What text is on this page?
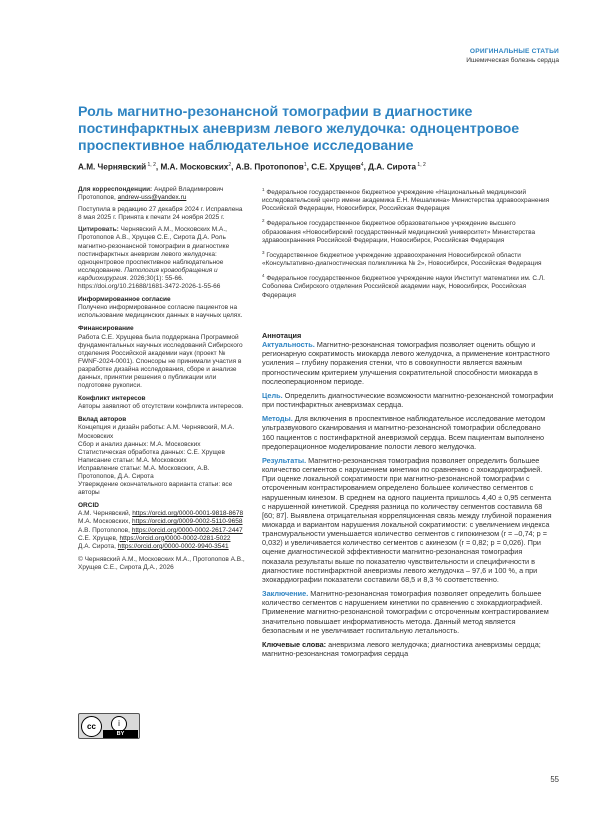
ОРИГИНАЛЬНЫЕ СТАТЬИ
Ишемическая болезнь сердца
Роль магнитно-резонансной томографии в диагностике постинфарктных аневризм левого желудочка: одноцентровое проспективное наблюдательное исследование
А.М. Чернявский $^{1, 2}$, М.А. Московских$^2$, А.В. Протопопов$^1$, С.Е. Хрущев$^4$, Д.А. Сирота $^{1, 2}$

Для корреспонденции: Андрей Владимирович Протопопов, andrew-uss@yandex.ru

Поступила в редакцию 27 декабря 2024 г. Исправлена 8 мая 2025 г. Принята к печати 24 ноября 2025 г.

Цитировать: Чернявский А.М., Московских М.А., Протопопов А.В., Хрущев С.Е., Сирота Д.А. Роль магнитно-резонансной томографии в диагностике постинфарктных аневризм левого желудочка: одноцентровое проспективное наблюдательное исследование. Патология кровообращения и кардиохирургия. 2026;30(1): 55-66. https://doi.org/10.21688/1681-3472-2026-1-55-66

Информированное согласие

Получено информированное согласие пациентов на использование медицинских данных в научных целях.

Финансирование

Работа С.Е. Хрущева была поддержана Программой фундаментальных научных исследований Сибирского отделения Российской академии наук (проект № FWNF-2024-0001). Спонсоры не принимали участия в разработке дизайна исследования, сборе и анализе данных, принятии решения о публикации или подготовке рукописи.

Конфликт интересов

Авторы заявляют об отсутствии конфликта интересов.

Вклад авторов

Концепция и дизайн работы: А.М. Чернявский, М.А. Московских
Сбор и анализ данных: М.А. Московских
Статистическая обработка данных: С.Е. Хрущев
Написание статьи: М.А. Московских
Исправление статьи: М.А. Московских, А.В. Протопопов, Д.А. Сирота
Утверждение окончательного варианта статьи: все авторы

ORCID

А.М. Чернявский, https://orcid.org/0000-0001-9818-8678
М.А. Московских, https://orcid.org/0009-0002-5110-9658
А.В. Протопопов, https://orcid.org/0000-0002-2617-2447
С.Е. Хрущев, https://orcid.org/0000-0002-0281-5022
Д.А. Сирота, https://orcid.org/0000-0002-9940-3541

© Чернявский А.М., Московских М.А., Протопопов А.В., Хрущев С.Е., Сирота Д.А., 2026

$^1$ Федеральное государственное бюджетное учреждение «Национальный медицинский исследовательский центр имени академика Е.Н. Мешалкина» Министерства здравоохранения Российской Федерации, Новосибирск, Российская Федерация

$^2$ Федеральное государственное бюджетное образовательное учреждение высшего образования «Новосибирский государственный медицинский университет» Министерства здравоохранения Российской Федерации, Новосибирск, Российская Федерация

$^3$ Государственное бюджетное учреждение здравоохранения Новосибирской области «Консультативно-диагностическая поликлиника № 2», Новосибирск, Российская Федерация

$^4$ Федеральное государственное бюджетное учреждение науки Институт математики им. С.Л. Соболева Сибирского отделения Российской академии наук, Новосибирск, Российская Федерация

Аннотация

Актуальность. Магнитно-резонансная томография позволяет оценить общую и регионарную сократимость миокарда левого желудочка, а применение контрастного усиления – глубину поражения стенки, что в совокупности является важным прогностическим критерием улучшения сократительной способности миокарда в послеоперационном периоде.

Цель. Определить диагностические возможности магнитно-резонансной томографии при постинфарктных аневризмах сердца.

Методы. Для включения в проспективное наблюдательное исследование методом ультразвукового сканирования и магнитно-резонансной томографии обследовано 160 пациентов с постинфарктной аневризмой сердца. Всем пациентам выполнено предоперационное моделирование полости левого желудочка.

Результаты. Магнитно-резонансная томография позволяет определить большее количество сегментов с нарушением кинетики по сравнению с эхокардиографией. При оценке локальной сократимости при магнитно-резонансной томографии с отсроченным контрастированием определено большее количество сегментов с нарушенным кинезом. В среднем на одного пациента пришлось 4,40 ± 0,95 сегмента с нарушенной кинетикой. Средняя разница по количеству сегментов составила 68 [60; 87]. Выявлена отрицательная корреляционная связь между глубиной поражения миокарда и вариантом нарушения локальной сократимости: с увеличением индекса трансмуральности уменьшается количество сегментов с гипокинезом (r = –0,74; p = 0,032) и увеличивается количество сегментов с акинезом (r = 0,82; p = 0,026). При оценке диагностической эффективности магнитно-резонансная томография показала результаты выше по показателю чувствительности и специфичности в диагностике постинфарктной аневризмы левого желудочка – 97,6 и 100 %, а при эхокардиографии показатели составили 68,5 и 8,3 % соответственно.

Заключение. Магнитно-резонансная томография позволяет определить большее количество сегментов с нарушением кинетики по сравнению с эхокардиографией. Применение магнитно-резонансной томографии с отсроченным контрастированием значительно повышает информативность метода. Данный метод является безопасным и не увеличивает госпитальную летальность.

Ключевые слова: аневризма левого желудочка; диагностика аневризмы сердца; магнитно-резонансная томография сердца

cc	i
BY
55
